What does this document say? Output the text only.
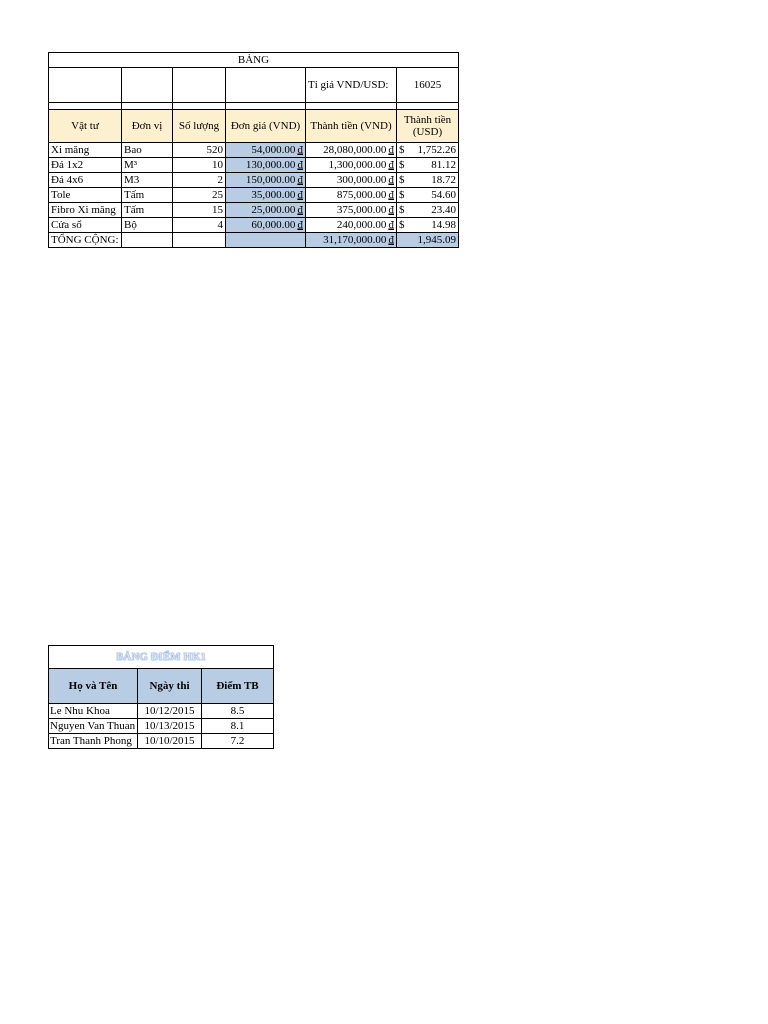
BẢNG					
				Tỉ giá VND/USD:	16025

Vật tư	Đơn vị	Số lượng	Đơn giá (VND)	Thành tiền (VND)	Thành tiền (USD)
Xi măng	Bao	520	54,000.00 ₫	28,080,000.00 ₫	$ 1,752.26

Đá 1x2	M³	10	130,000.00 ₫	1,300,000.00 ₫	$ 81.12

Đá 4x6	M3	2	150,000.00 ₫	300,000.00 ₫	$ 18.72

Tole	Tấm	25	35,000.00 ₫	875,000.00 ₫	$ 54.60

Fibro Xi măng	Tấm	15	25,000.00 ₫	375,000.00 ₫	$ 23.40

Cửa sổ	Bộ	4	60,000.00 ₫	240,000.00 ₫	$ 14.98

TỔNG CỘNG:				31,170,000.00 ₫	1,945.09
BẢNG ĐIỂM HK1		
Họ và Tên	Ngày thi	Điểm TB
Le Nhu Khoa	10/12/2015	8.5
Nguyen Van Thuan	10/13/2015	8.1
Tran Thanh Phong	10/10/2015	7.2
